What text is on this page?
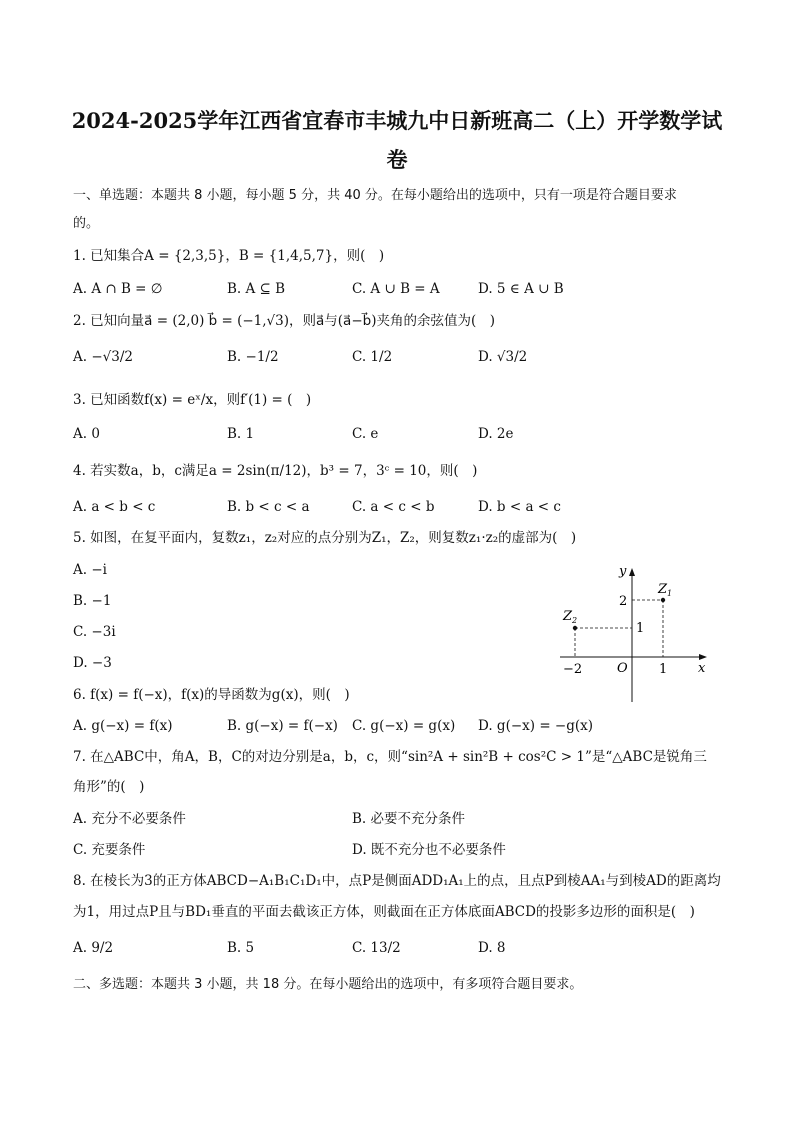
2024-2025学年江西省宜春市丰城九中日新班高二（上）开学数学试
卷
一、单选题：本题共 8 小题，每小题 5 分，共 40 分。在每小题给出的选项中，只有一项是符合题目要求
的。
1. 已知集合A = {2,3,5}，B = {1,4,5,7}，则(　)
A. A ∩ B = ∅	B. A ⊆ B	C. A ∪ B = A	D. 5 ∈ A ∪ B
2. 已知向量a⃗ = (2,0) b⃗ = (−1,√3)，则a⃗与(a⃗−b⃗)夹角的余弦值为(　)
A. −√3/2	B. −1/2	C. 1/2	D. √3/2
3. 已知函数f(x) = eˣ/x，则f′(1) = (　)
A. 0	B. 1	C. e	D. 2e
4. 若实数a，b，c满足a = 2sin(π/12)，b³ = 7，3ᶜ = 10，则(　)
A. a < b < c	B. b < c < a	C. a < c < b	D. b < a < c
5. 如图，在复平面内，复数z₁，z₂对应的点分别为Z₁，Z₂，则复数z₁·z₂的虚部为(　)
A. −i
B. −1
C. −3i
D. −3
y
x
O
Z 1
Z 2
2
1
−2	1
6. f(x) = f(−x)，f(x)的导函数为g(x)，则(　)
A. g(−x) = f(x)	B. g(−x) = f(−x) C. g(−x) = g(x) D. g(−x) = −g(x)
7. 在△ABC中，角A，B，C的对边分别是a，b，c，则“sin²A + sin²B + cos²C > 1”是“△ABC是锐角三
角形”的(　)
A. 充分不必要条件	B. 必要不充分条件
C. 充要条件	D. 既不充分也不必要条件
8. 在棱长为3的正方体ABCD−A₁B₁C₁D₁中，点P是侧面ADD₁A₁上的点，且点P到棱AA₁与到棱AD的距离均
为1，用过点P且与BD₁垂直的平面去截该正方体，则截面在正方体底面ABCD的投影多边形的面积是(　)
A. 9/2	B. 5	C. 13/2	D. 8
二、多选题：本题共 3 小题，共 18 分。在每小题给出的选项中，有多项符合题目要求。
